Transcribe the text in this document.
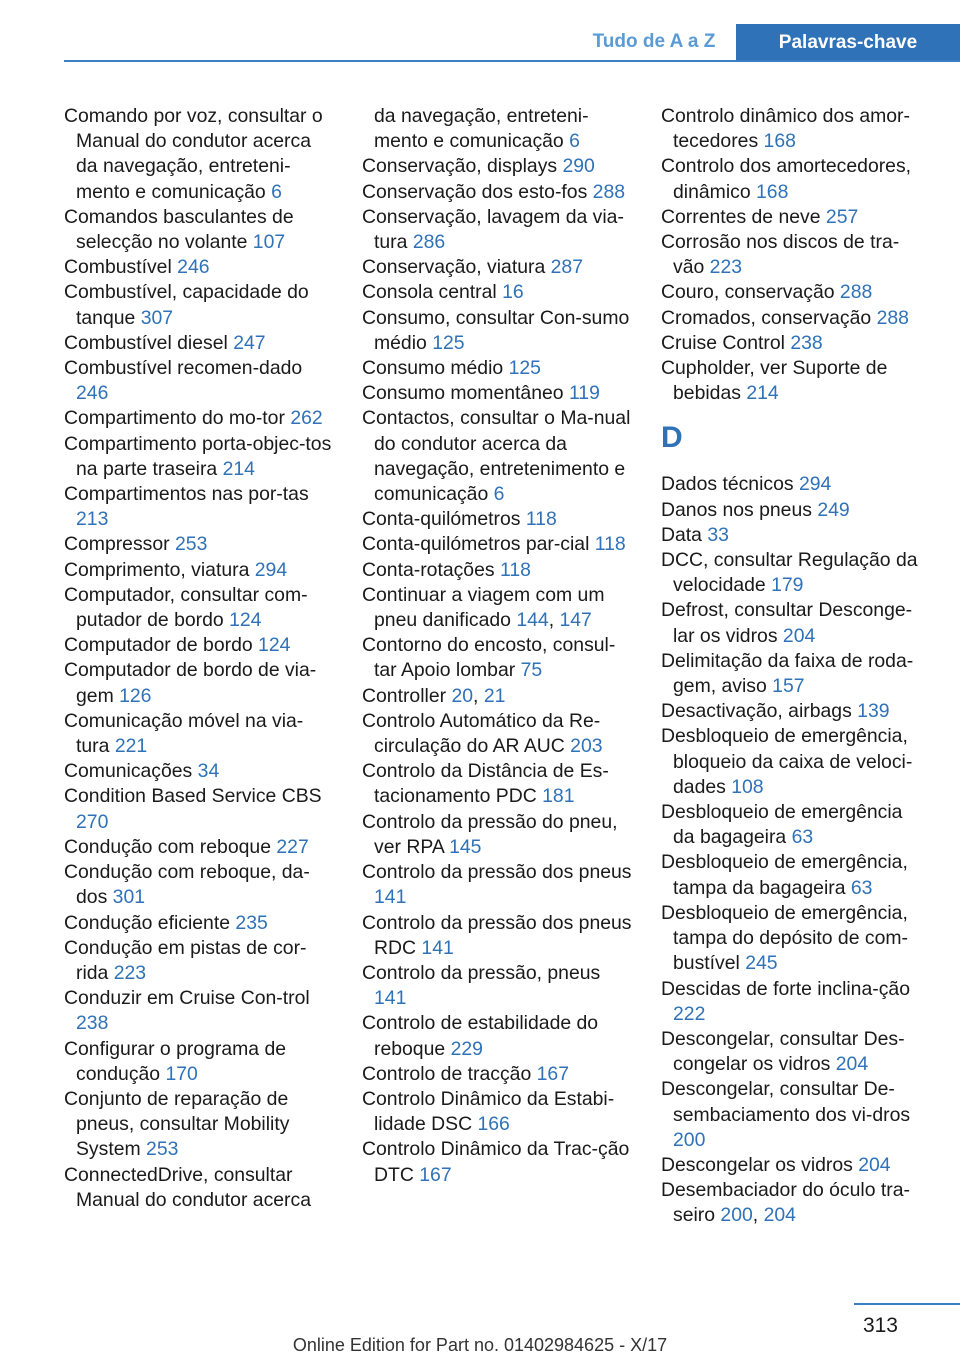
Tudo de A a Z	Palavras-chave
Comando por voz, consultar o Manual do condutor acerca da navegação, entreteni-mento e comunicação 6
Comandos basculantes de selecção no volante 107
Combustível 246
Combustível, capacidade do tanque 307
Combustível diesel 247
Combustível recomen-dado 246
Compartimento do mo-tor 262
Compartimento porta-objec-tos na parte traseira 214
Compartimentos nas por-tas 213
Compressor 253
Comprimento, viatura 294
Computador, consultar com-putador de bordo 124
Computador de bordo 124
Computador de bordo de via-gem 126
Comunicação móvel na via-tura 221
Comunicações 34
Condition Based Service CBS 270
Condução com reboque 227
Condução com reboque, da-dos 301
Condução eficiente 235
Condução em pistas de cor-rida 223
Conduzir em Cruise Con-trol 238
Configurar o programa de condução 170
Conjunto de reparação de pneus, consultar Mobility System 253
ConnectedDrive, consultar Manual do condutor acerca
da navegação, entreteni-mento e comunicação 6
Conservação, displays 290
Conservação dos esto-fos 288
Conservação, lavagem da via-tura 286
Conservação, viatura 287
Consola central 16
Consumo, consultar Con-sumo médio 125
Consumo médio 125
Consumo momentâneo 119
Contactos, consultar o Ma-nual do condutor acerca da navegação, entretenimento e comunicação 6
Conta-quilómetros 118
Conta-quilómetros par-cial 118
Conta-rotações 118
Continuar a viagem com um pneu danificado 144, 147
Contorno do encosto, consul-tar Apoio lombar 75
Controller 20, 21
Controlo Automático da Re-circulação do AR AUC 203
Controlo da Distância de Es-tacionamento PDC 181
Controlo da pressão do pneu, ver RPA 145
Controlo da pressão dos pneus 141
Controlo da pressão dos pneus RDC 141
Controlo da pressão, pneus 141
Controlo de estabilidade do reboque 229
Controlo de tracção 167
Controlo Dinâmico da Estabi-lidade DSC 166
Controlo Dinâmico da Trac-ção DTC 167
Controlo dinâmico dos amor-tecedores 168
Controlo dos amortecedores, dinâmico 168
Correntes de neve 257
Corrosão nos discos de tra-vão 223
Couro, conservação 288
Cromados, conservação 288
Cruise Control 238
Cupholder, ver Suporte de bebidas 214
D
Dados técnicos 294
Danos nos pneus 249
Data 33
DCC, consultar Regulação da velocidade 179
Defrost, consultar Desconge-lar os vidros 204
Delimitação da faixa de roda-gem, aviso 157
Desactivação, airbags 139
Desbloqueio de emergência, bloqueio da caixa de veloci-dades 108
Desbloqueio de emergência da bagageira 63
Desbloqueio de emergência, tampa da bagageira 63
Desbloqueio de emergência, tampa do depósito de com-bustível 245
Descidas de forte inclina-ção 222
Descongelar, consultar Des-congelar os vidros 204
Descongelar, consultar De-sembaciamento dos vi-dros 200
Descongelar os vidros 204
Desembaciador do óculo tra-seiro 200, 204
313
Online Edition for Part no. 01402984625 - X/17
